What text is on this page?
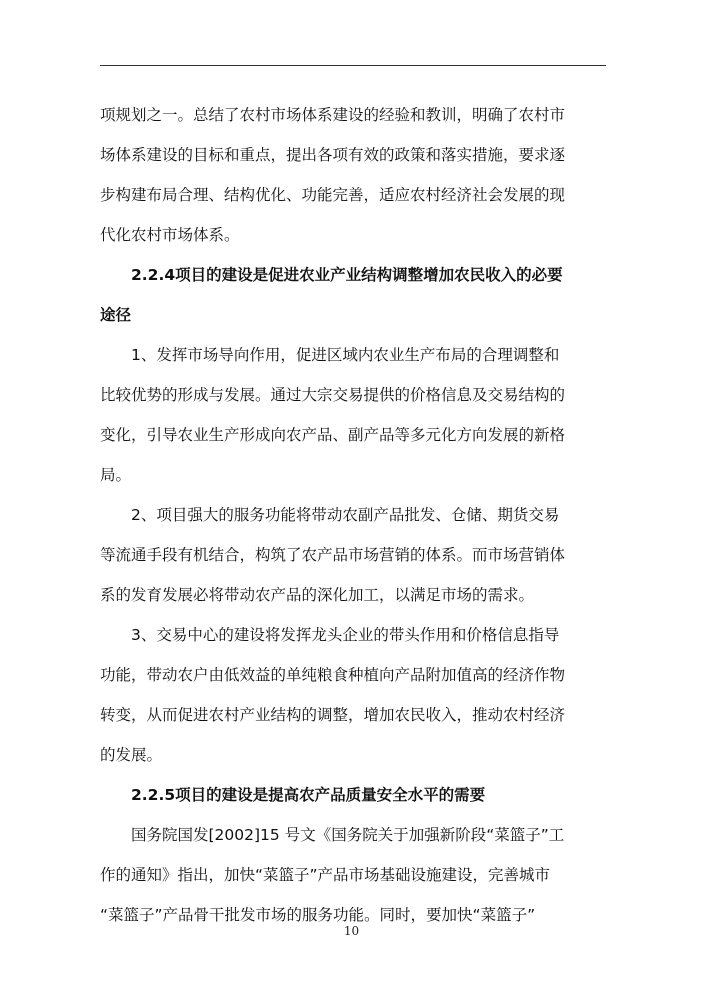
项规划之一。总结了农村市场体系建设的经验和教训，明确了农村市
场体系建设的目标和重点，提出各项有效的政策和落实措施，要求逐
步构建布局合理、结构优化、功能完善，适应农村经济社会发展的现
代化农村市场体系。
2.2.4项目的建设是促进农业产业结构调整增加农民收入的必要
途径
1、发挥市场导向作用，促进区域内农业生产布局的合理调整和
比较优势的形成与发展。通过大宗交易提供的价格信息及交易结构的
变化，引导农业生产形成向农产品、副产品等多元化方向发展的新格
局。
2、项目强大的服务功能将带动农副产品批发、仓储、期货交易
等流通手段有机结合，构筑了农产品市场营销的体系。而市场营销体
系的发育发展必将带动农产品的深化加工，以满足市场的需求。
3、交易中心的建设将发挥龙头企业的带头作用和价格信息指导
功能，带动农户由低效益的单纯粮食种植向产品附加值高的经济作物
转变，从而促进农村产业结构的调整，增加农民收入，推动农村经济
的发展。
2.2.5项目的建设是提高农产品质量安全水平的需要
国务院国发[2002]15 号文《国务院关于加强新阶段“菜篮子”工
作的通知》指出，加快“菜篮子”产品市场基础设施建设，完善城市
“菜篮子”产品骨干批发市场的服务功能。同时，要加快“菜篮子”
10
